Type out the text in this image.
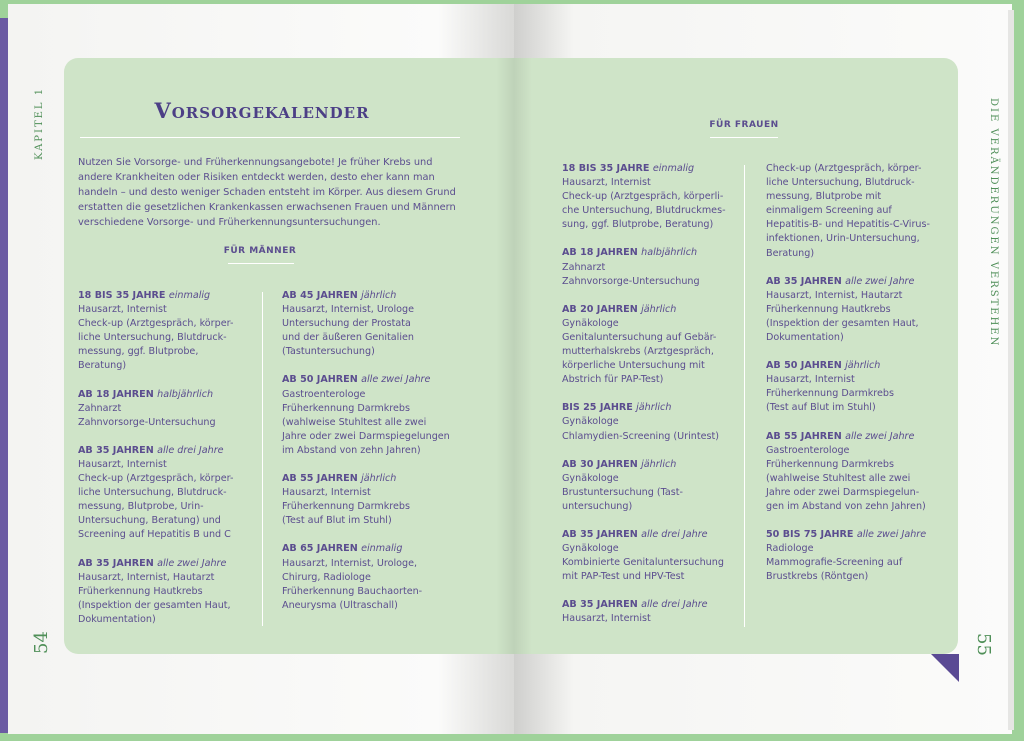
KAPITEL 1	DIE VERÄNDERUNGEN VERSTEHEN
54	55
Vorsorgekalender
Nutzen Sie Vorsorge- und Früherkennungsangebote! Je früher Krebs und andere Krankheiten oder Risiken entdeckt werden, desto eher kann man handeln – und desto weniger Schaden entsteht im Körper. Aus diesem Grund erstatten die gesetzlichen Krankenkassen erwachsenen Frauen und Männern verschiedene Vorsorge- und Früherkennungsuntersuchungen.
FÜR MÄNNER
FÜR FRAUEN
18 BIS 35 JAHRE einmalig
Hausarzt, Internist
Check-up (Arztgespräch, körper-
liche Untersuchung, Blutdruck-
messung, ggf. Blutprobe,
Beratung)
AB 18 JAHREN halbjährlich
Zahnarzt
Zahnvorsorge-Untersuchung
AB 35 JAHREN alle drei Jahre
Hausarzt, Internist
Check-up (Arztgespräch, körper-
liche Untersuchung, Blutdruck-
messung, Blutprobe, Urin-
Untersuchung, Beratung) und
Screening auf Hepatitis B und C
AB 35 JAHREN alle zwei Jahre
Hausarzt, Internist, Hautarzt
Früherkennung Hautkrebs
(Inspektion der gesamten Haut,
Dokumentation)
AB 45 JAHREN jährlich
Hausarzt, Internist, Urologe
Untersuchung der Prostata
und der äußeren Genitalien
(Tastuntersuchung)
AB 50 JAHREN alle zwei Jahre
Gastroenterologe
Früherkennung Darmkrebs
(wahlweise Stuhltest alle zwei
Jahre oder zwei Darmspiegelungen
im Abstand von zehn Jahren)
AB 55 JAHREN jährlich
Hausarzt, Internist
Früherkennung Darmkrebs
(Test auf Blut im Stuhl)
AB 65 JAHREN einmalig
Hausarzt, Internist, Urologe,
Chirurg, Radiologe
Früherkennung Bauchaorten-
Aneurysma (Ultraschall)
18 BIS 35 JAHRE einmalig
Hausarzt, Internist
Check-up (Arztgespräch, körperli-
che Untersuchung, Blutdruckmes-
sung, ggf. Blutprobe, Beratung)
AB 18 JAHREN halbjährlich
Zahnarzt
Zahnvorsorge-Untersuchung
AB 20 JAHREN jährlich
Gynäkologe
Genitaluntersuchung auf Gebär-
mutterhalskrebs (Arztgespräch,
körperliche Untersuchung mit
Abstrich für PAP-Test)
BIS 25 JAHRE jährlich
Gynäkologe
Chlamydien-Screening (Urintest)
AB 30 JAHREN jährlich
Gynäkologe
Brustuntersuchung (Tast-
untersuchung)
AB 35 JAHREN alle drei Jahre
Gynäkologe
Kombinierte Genitaluntersuchung
mit PAP-Test und HPV-Test
AB 35 JAHREN alle drei Jahre
Hausarzt, Internist
Check-up (Arztgespräch, körper-
liche Untersuchung, Blutdruck-
messung, Blutprobe mit
einmaligem Screening auf
Hepatitis-B- und Hepatitis-C-Virus-
infektionen, Urin-Untersuchung,
Beratung)
AB 35 JAHREN alle zwei Jahre
Hausarzt, Internist, Hautarzt
Früherkennung Hautkrebs
(Inspektion der gesamten Haut,
Dokumentation)
AB 50 JAHREN jährlich
Hausarzt, Internist
Früherkennung Darmkrebs
(Test auf Blut im Stuhl)
AB 55 JAHREN alle zwei Jahre
Gastroenterologe
Früherkennung Darmkrebs
(wahlweise Stuhltest alle zwei
Jahre oder zwei Darmspiegelun-
gen im Abstand von zehn Jahren)
50 BIS 75 JAHRE alle zwei Jahre
Radiologe
Mammografie-Screening auf
Brustkrebs (Röntgen)
